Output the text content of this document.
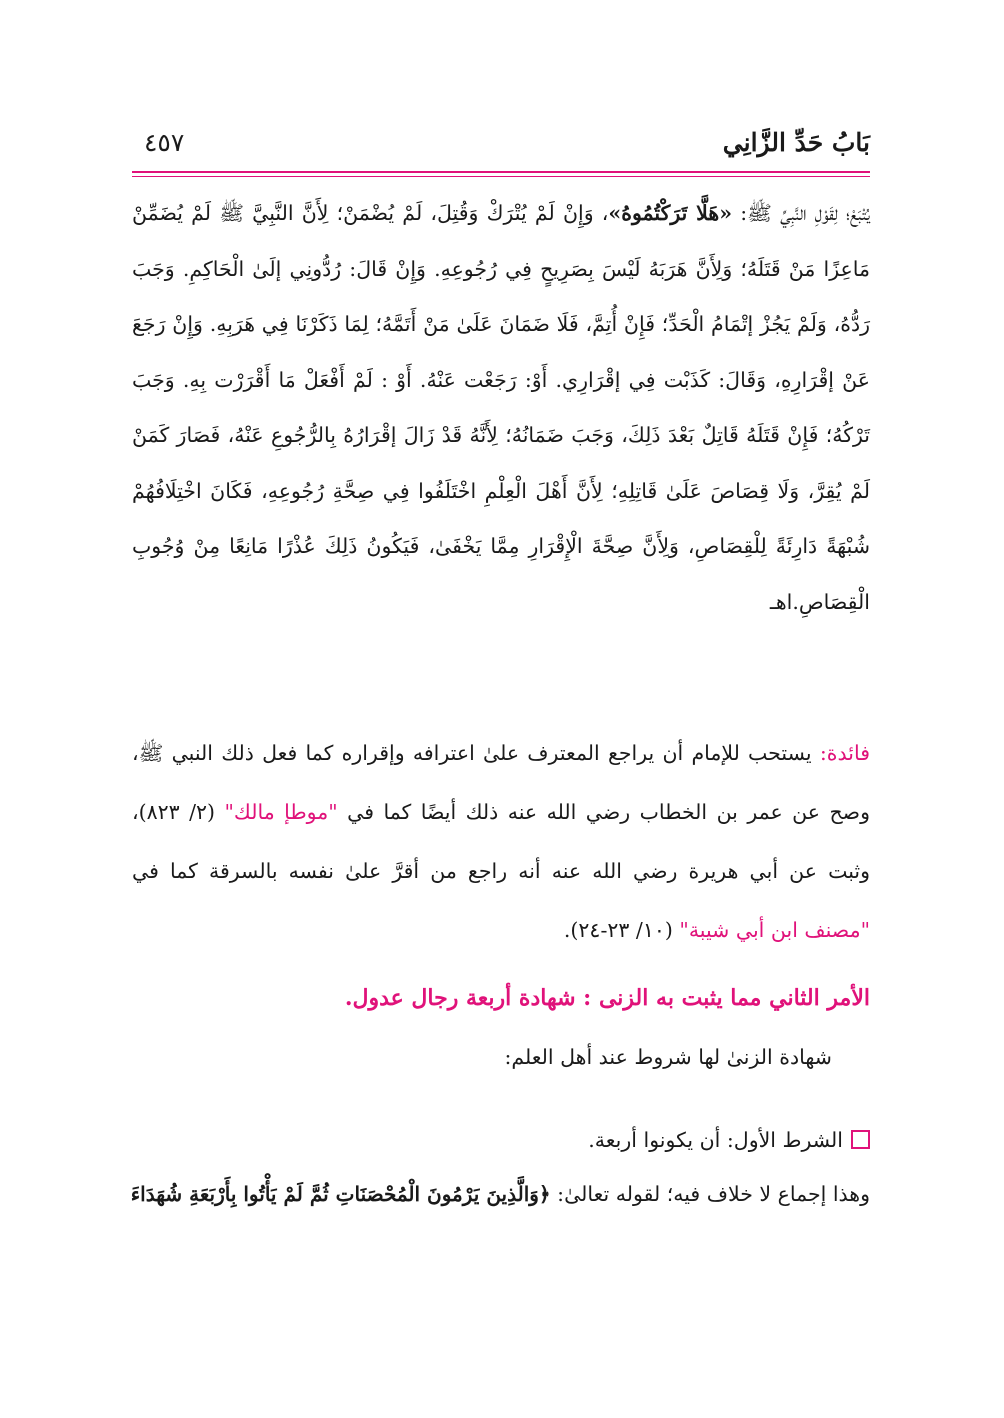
بَابُ حَدِّ الزَّانِي
٤٥٧
يُتْبَعْ؛ لِقَوْلِ النَّبِيِّ ﷺ: «هَلَّا تَرَكْتُمُوهُ»، وَإِنْ لَمْ يُتْرَكْ وَقُتِلَ، لَمْ يُضْمَنْ؛ لِأَنَّ النَّبِيَّ ﷺ لَمْ يُضَمِّنْ مَاعِزًا مَنْ قَتَلَهُ؛ وَلِأَنَّ هَرَبَهُ لَيْسَ بِصَرِيحٍ فِي رُجُوعِهِ. وَإِنْ قَالَ: رُدُّونِي إلَىٰ الْحَاكِمِ. وَجَبَ رَدُّهُ، وَلَمْ يَجُزْ إتْمَامُ الْحَدِّ؛ فَإِنْ أُتِمَّ، فَلَا ضَمَانَ عَلَىٰ مَنْ أَتَمَّهُ؛ لِمَا ذَكَرْنَا فِي هَرَبِهِ. وَإِنْ رَجَعَ عَنْ إقْرَارِهِ، وَقَالَ: كَذَبْت فِي إقْرَارِي. أَوْ: رَجَعْت عَنْهُ. أَوْ : لَمْ أَفْعَلْ مَا أَقْرَرْت بِهِ. وَجَبَ تَرْكُهُ؛ فَإِنْ قَتَلَهُ قَاتِلٌ بَعْدَ ذَلِكَ، وَجَبَ ضَمَانُهُ؛ لِأَنَّهُ قَدْ زَالَ إقْرَارُهُ بِالرُّجُوعِ عَنْهُ، فَصَارَ كَمَنْ لَمْ يُقِرَّ، وَلَا قِصَاصَ عَلَىٰ قَاتِلِهِ؛ لِأَنَّ أَهْلَ الْعِلْمِ اخْتَلَفُوا فِي صِحَّةِ رُجُوعِهِ، فَكَانَ اخْتِلَافُهُمْ شُبْهَةً دَارِئَةً لِلْقِصَاصِ، وَلِأَنَّ صِحَّةَ الْإِقْرَارِ مِمَّا يَخْفَىٰ، فَيَكُونُ ذَلِكَ عُذْرًا مَانِعًا مِنْ وُجُوبِ الْقِصَاصِ.اهـ
فائدة: يستحب للإمام أن يراجع المعترف علىٰ اعترافه وإقراره كما فعل ذلك النبي ﷺ، وصح عن عمر بن الخطاب رضي الله عنه ذلك أيضًا كما في "موطإ مالك" (٢/ ٨٢٣)، وثبت عن أبي هريرة رضي الله عنه أنه راجع من أقرَّ علىٰ نفسه بالسرقة كما في "مصنف ابن أبي شيبة" (١٠/ ٢٣-٢٤).
الأمر الثاني مما يثبت به الزنى : شهادة أربعة رجال عدول.
شهادة الزنىٰ لها شروط عند أهل العلم:
الشرط الأول: أن يكونوا أربعة.
وهذا إجماع لا خلاف فيه؛ لقوله تعالىٰ: ﴿وَالَّذِينَ يَرْمُونَ الْمُحْصَنَاتِ ثُمَّ لَمْ يَأْتُوا بِأَرْبَعَةِ شُهَدَاءَ
